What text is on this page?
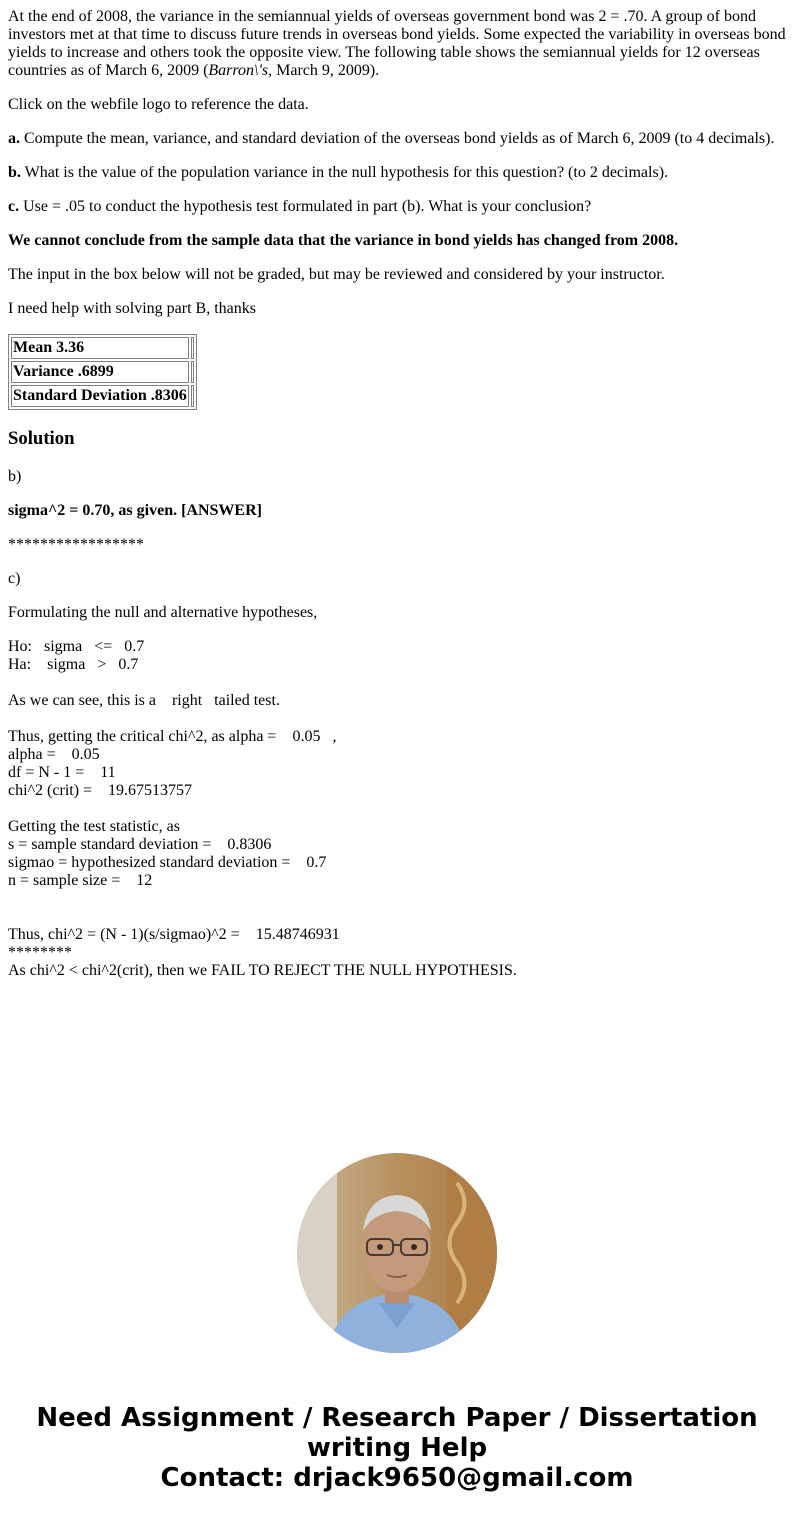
At the end of 2008, the variance in the semiannual yields of overseas government bond was 2 = .70. A group of bond investors met at that time to discuss future trends in overseas bond yields. Some expected the variability in overseas bond yields to increase and others took the opposite view. The following table shows the semiannual yields for 12 overseas countries as of March 6, 2009 (Barron\'s, March 9, 2009).

Click on the webfile logo to reference the data.

a. Compute the mean, variance, and standard deviation of the overseas bond yields as of March 6, 2009 (to 4 decimals).

b. What is the value of the population variance in the null hypothesis for this question? (to 2 decimals).

c. Use = .05 to conduct the hypothesis test formulated in part (b). What is your conclusion?

We cannot conclude from the sample data that the variance in bond yields has changed from 2008.

The input in the box below will not be graded, but may be reviewed and considered by your instructor.

I need help with solving part B, thanks

Mean 3.36	
Variance .6899	
Standard Deviation .8306	
Solution

b)

sigma^2 = 0.70, as given. [ANSWER]

*****************

c)

Formulating the null and alternative hypotheses,

Ho:   sigma   <=   0.7
Ha:    sigma   >   0.7
As we can see, this is a    right   tailed test.
Thus, getting the critical chi^2, as alpha =    0.05   ,
alpha =    0.05
df = N - 1 =    11
chi^2 (crit) =    19.67513757
Getting the test statistic, as
s = sample standard deviation =    0.8306
sigmao = hypothesized standard deviation =    0.7
n = sample size =    12
Thus, chi^2 = (N - 1)(s/sigmao)^2 =    15.48746931
********
As chi^2 < chi^2(crit), then we FAIL TO REJECT THE NULL HYPOTHESIS.
Need Assignment / Research Paper / Dissertation
writing Help
Contact: drjack9650@gmail.com
